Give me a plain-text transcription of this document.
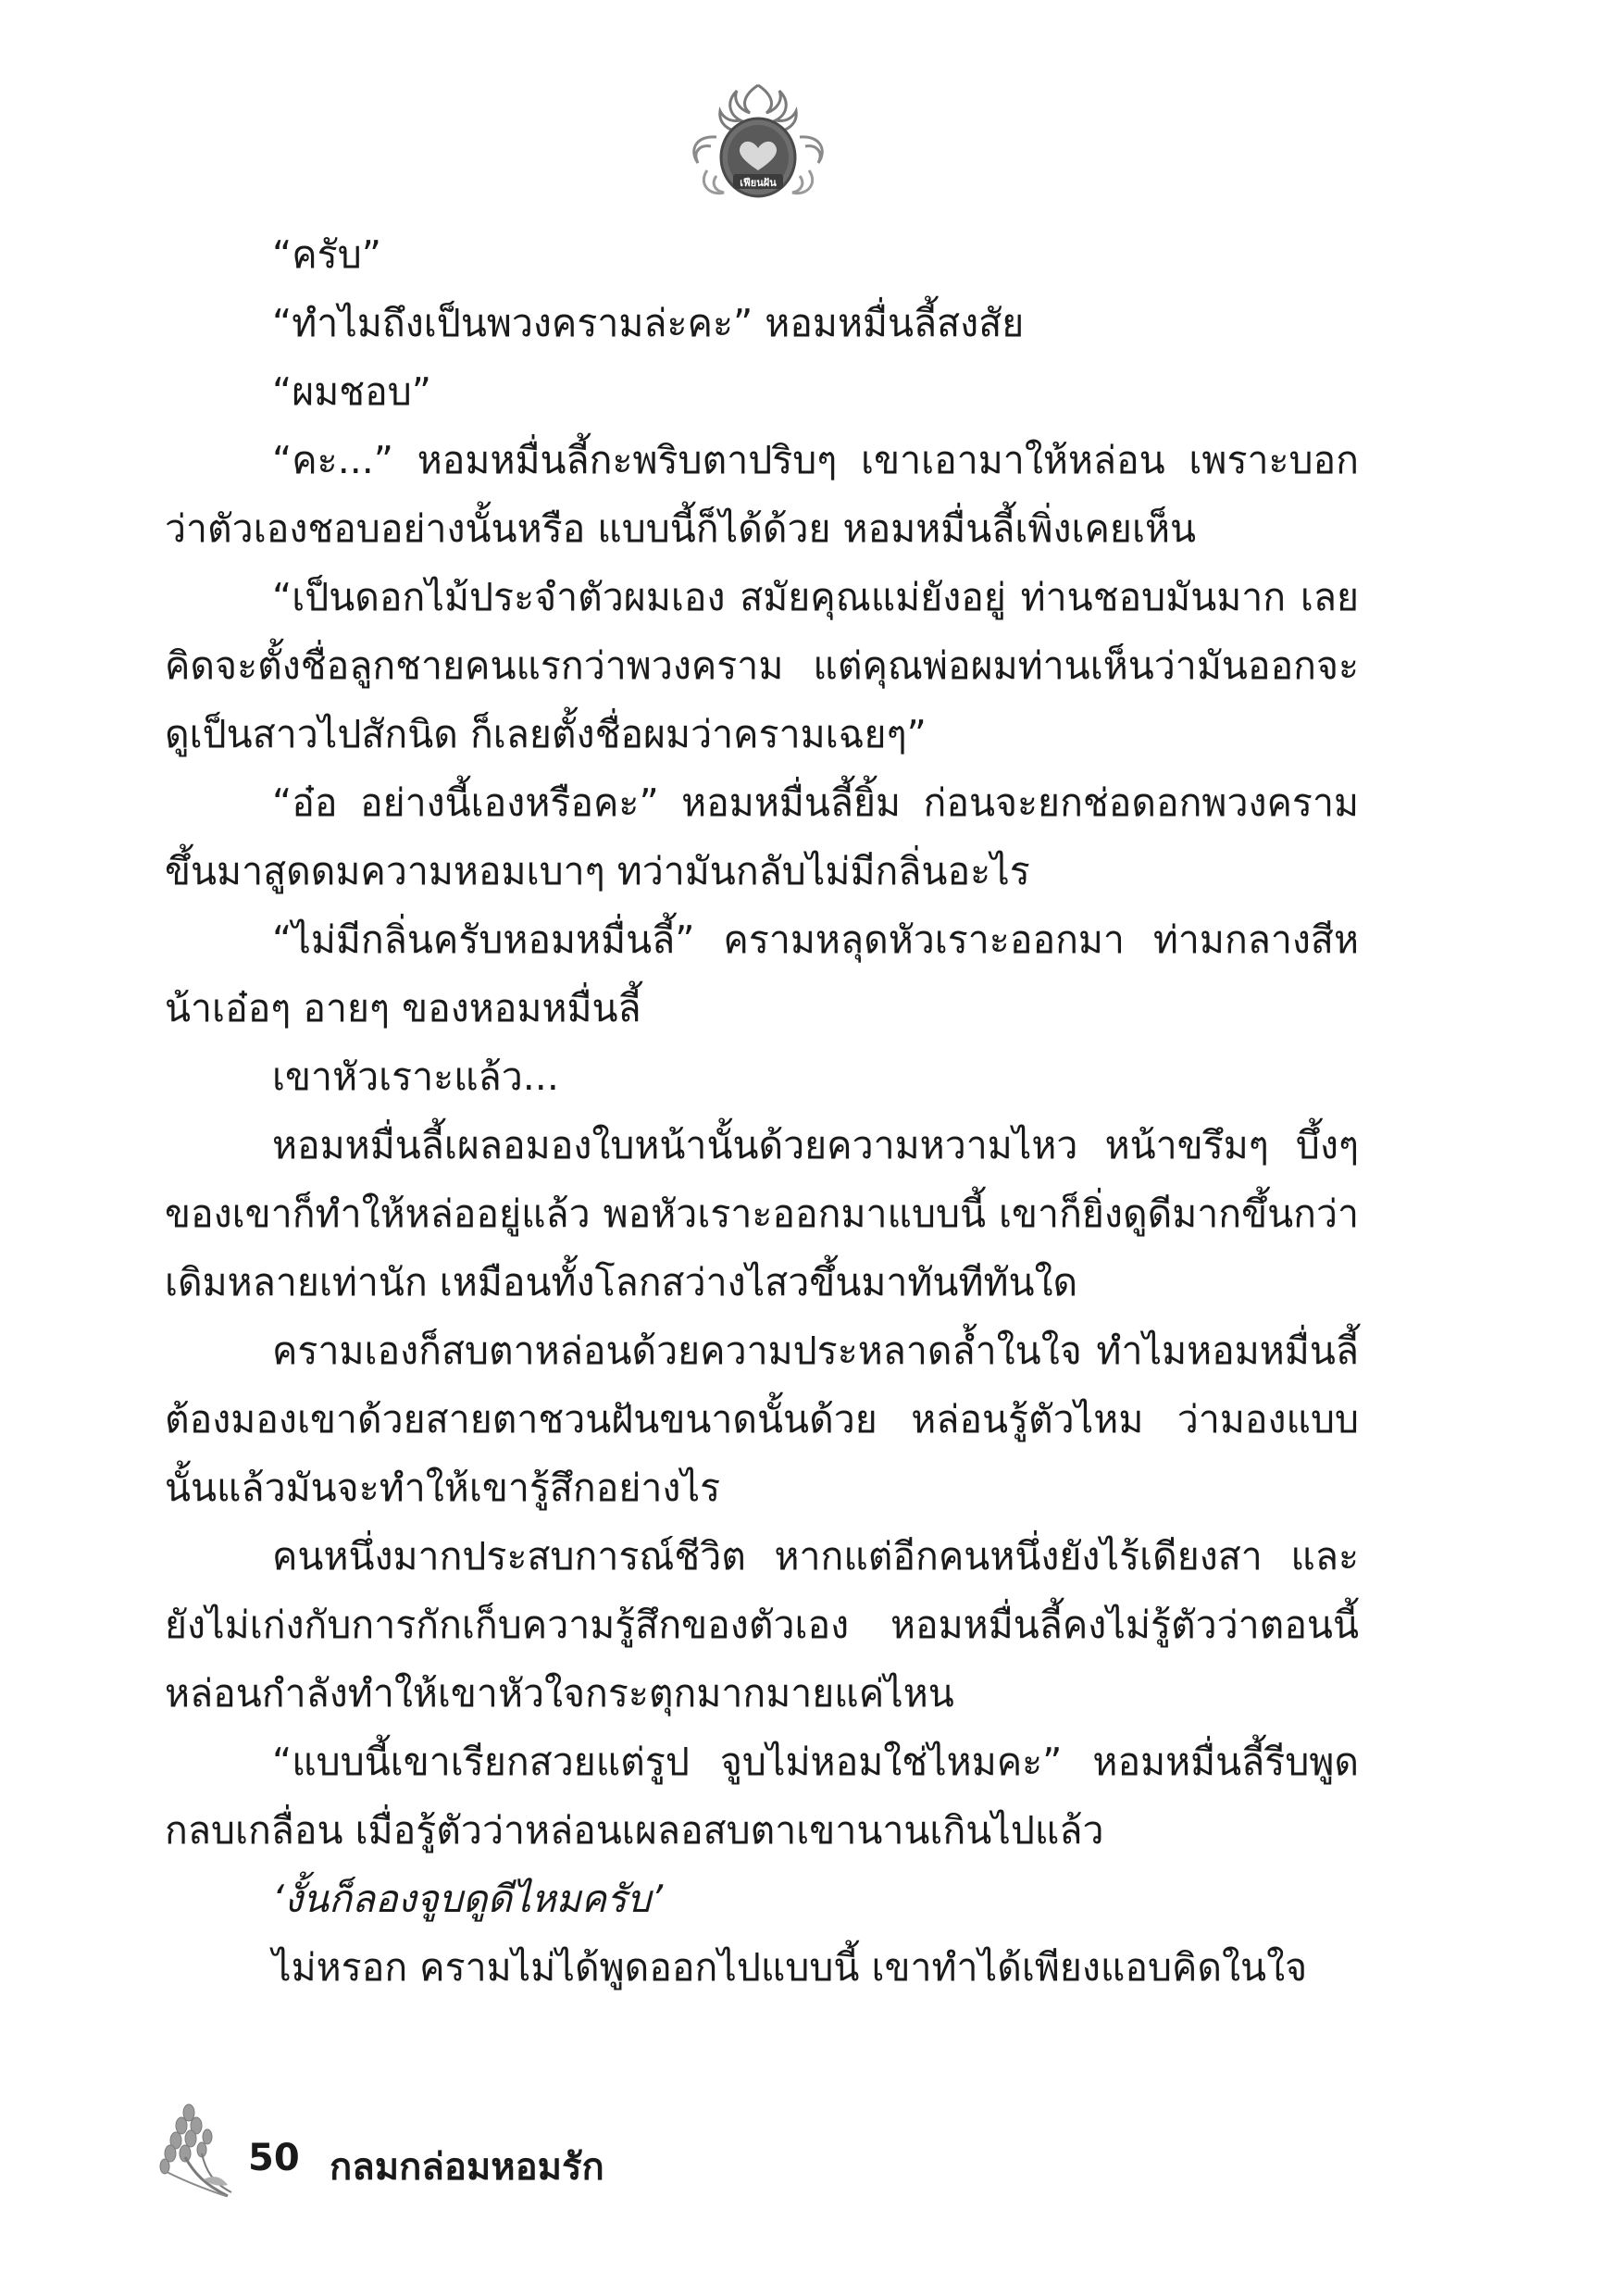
เฟียนฝัน

“ครับ”

“ทำไมถึงเป็นพวงครามล่ะคะ” หอมหมื่นลี้สงสัย

“ผมชอบ”

“คะ...” หอมหมื่นลี้กะพริบตาปริบๆ เขาเอามาให้หล่อน เพราะบอกว่าตัวเองชอบอย่างนั้นหรือ แบบนี้ก็ได้ด้วย หอมหมื่นลี้เพิ่งเคยเห็น

“เป็นดอกไม้ประจำตัวผมเอง สมัยคุณแม่ยังอยู่ ท่านชอบมันมาก เลยคิดจะตั้งชื่อลูกชายคนแรกว่าพวงคราม แต่คุณพ่อผมท่านเห็นว่ามันออกจะดูเป็นสาวไปสักนิด ก็เลยตั้งชื่อผมว่าครามเฉยๆ”

“อ๋อ อย่างนี้เองหรือคะ” หอมหมื่นลี้ยิ้ม ก่อนจะยกช่อดอกพวงครามขึ้นมาสูดดมความหอมเบาๆ ทว่ามันกลับไม่มีกลิ่นอะไร

“ไม่มีกลิ่นครับหอมหมื่นลี้” ครามหลุดหัวเราะออกมา ท่ามกลางสีหน้าเอ๋อๆ อายๆ ของหอมหมื่นลี้

เขาหัวเราะแล้ว...

หอมหมื่นลี้เผลอมองใบหน้านั้นด้วยความหวามไหว หน้าขรึมๆ บึ้งๆ ของเขาก็ทำให้หล่ออยู่แล้ว พอหัวเราะออกมาแบบนี้ เขาก็ยิ่งดูดีมากขึ้นกว่าเดิมหลายเท่านัก เหมือนทั้งโลกสว่างไสวขึ้นมาทันทีทันใด

ครามเองก็สบตาหล่อนด้วยความประหลาดล้ำในใจ ทำไมหอมหมื่นลี้ต้องมองเขาด้วยสายตาชวนฝันขนาดนั้นด้วย หล่อนรู้ตัวไหม ว่ามองแบบนั้นแล้วมันจะทำให้เขารู้สึกอย่างไร

คนหนึ่งมากประสบการณ์ชีวิต หากแต่อีกคนหนึ่งยังไร้เดียงสา และยังไม่เก่งกับการกักเก็บความรู้สึกของตัวเอง หอมหมื่นลี้คงไม่รู้ตัวว่าตอนนี้หล่อนกำลังทำให้เขาหัวใจกระตุกมากมายแค่ไหน

“แบบนี้เขาเรียกสวยแต่รูป จูบไม่หอมใช่ไหมคะ” หอมหมื่นลี้รีบพูดกลบเกลื่อน เมื่อรู้ตัวว่าหล่อนเผลอสบตาเขานานเกินไปแล้ว

‘งั้นก็ลองจูบดูดีไหมครับ’

ไม่หรอก ครามไม่ได้พูดออกไปแบบนี้ เขาทำได้เพียงแอบคิดในใจ

50 กลมกล่อมหอมรัก
